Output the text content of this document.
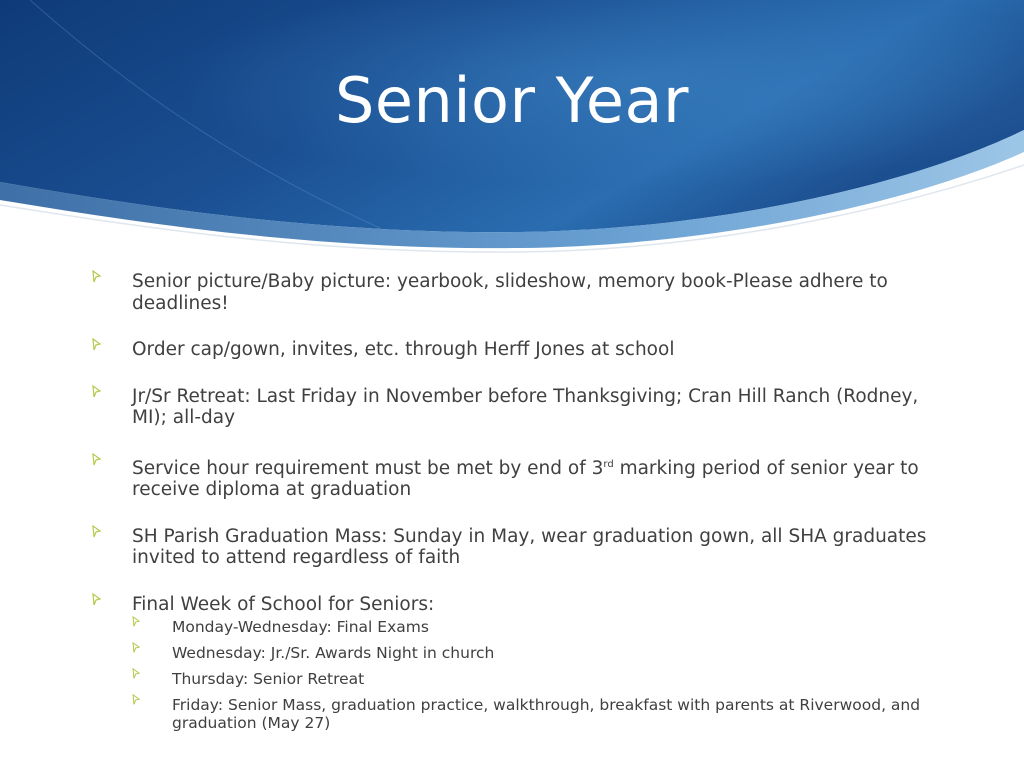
Senior Year
Senior picture/Baby picture: yearbook, slideshow, memory book-Please adhere to deadlines!
Order cap/gown, invites, etc. through Herff Jones at school
Jr/Sr Retreat: Last Friday in November before Thanksgiving; Cran Hill Ranch (Rodney, MI); all-day
Service hour requirement must be met by end of 3rd marking period of senior year to receive diploma at graduation
SH Parish Graduation Mass: Sunday in May, wear graduation gown, all SHA graduates invited to attend regardless of faith
Final Week of School for Seniors:
Monday-Wednesday: Final Exams
Wednesday: Jr./Sr. Awards Night in church
Thursday: Senior Retreat
Friday: Senior Mass, graduation practice, walkthrough, breakfast with parents at Riverwood, and graduation (May 27)
